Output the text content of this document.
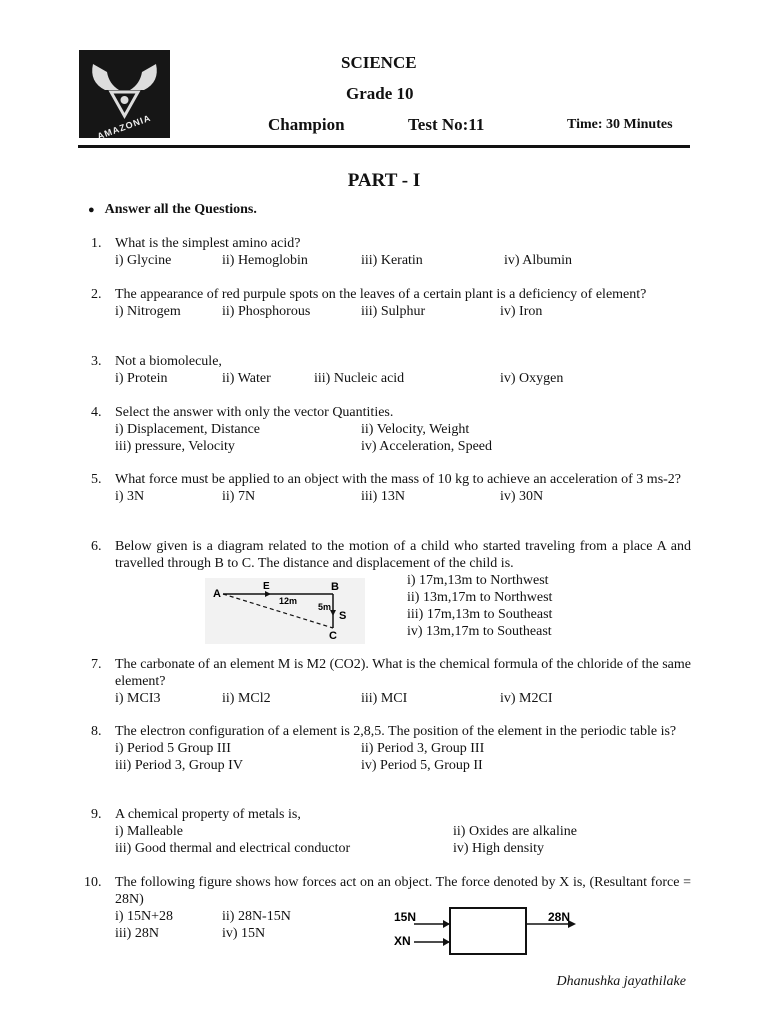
AMAZONIA
SCIENCE
Grade 10
Champion	Test No:11	Time: 30 Minutes
PART - I
● Answer all the Questions.
1. What is the simplest amino acid?
i) Glycine	ii) Hemoglobin	iii) Keratin	iv) Albumin
2. The appearance of red purpule spots on the leaves of a certain plant is a deficiency of element?
i) Nitrogem	ii) Phosphorous	iii) Sulphur	iv) Iron
3. Not a biomolecule,
i) Protein	ii) Water	iii) Nucleic acid	iv) Oxygen
4. Select the answer with only the vector Quantities.
i) Displacement, Distance	ii) Velocity, Weight
iii) pressure, Velocity	iv) Acceleration, Speed
5. What force must be applied to an object with the mass of 10 kg to achieve an acceleration of 3 ms-2?
i) 3N	ii) 7N	iii) 13N	iv) 30N
6. Below given is a diagram related to the motion of a child who started traveling from a place A and travelled through B to C. The distance and displacement of the child is.
i) 17m,13m to Northwest
ii) 13m,17m to Northwest
iii) 17m,13m to Southeast
iv) 13m,17m to Southeast
A
E	B
12m
5m
S
C
7. The carbonate of an element M is M2 (CO2). What is the chemical formula of the chloride of the same element?
i) MCI3	ii) MCl2	iii) MCI	iv) M2CI
8. The electron configuration of a element is 2,8,5. The position of the element in the periodic table is?
i) Period 5 Group III	ii) Period 3, Group III
iii) Period 3, Group IV	iv) Period 5, Group II
9. A chemical property of metals is,
i) Malleable	ii) Oxides are alkaline
iii) Good thermal and electrical conductor	iv) High density
10. The following figure shows how forces act on an object. The force denoted by X is, (Resultant force = 28N)
i) 15N+28	ii) 28N-15N
iii) 28N	iv) 15N
15N
XN
28N
Dhanushka jayathilake
